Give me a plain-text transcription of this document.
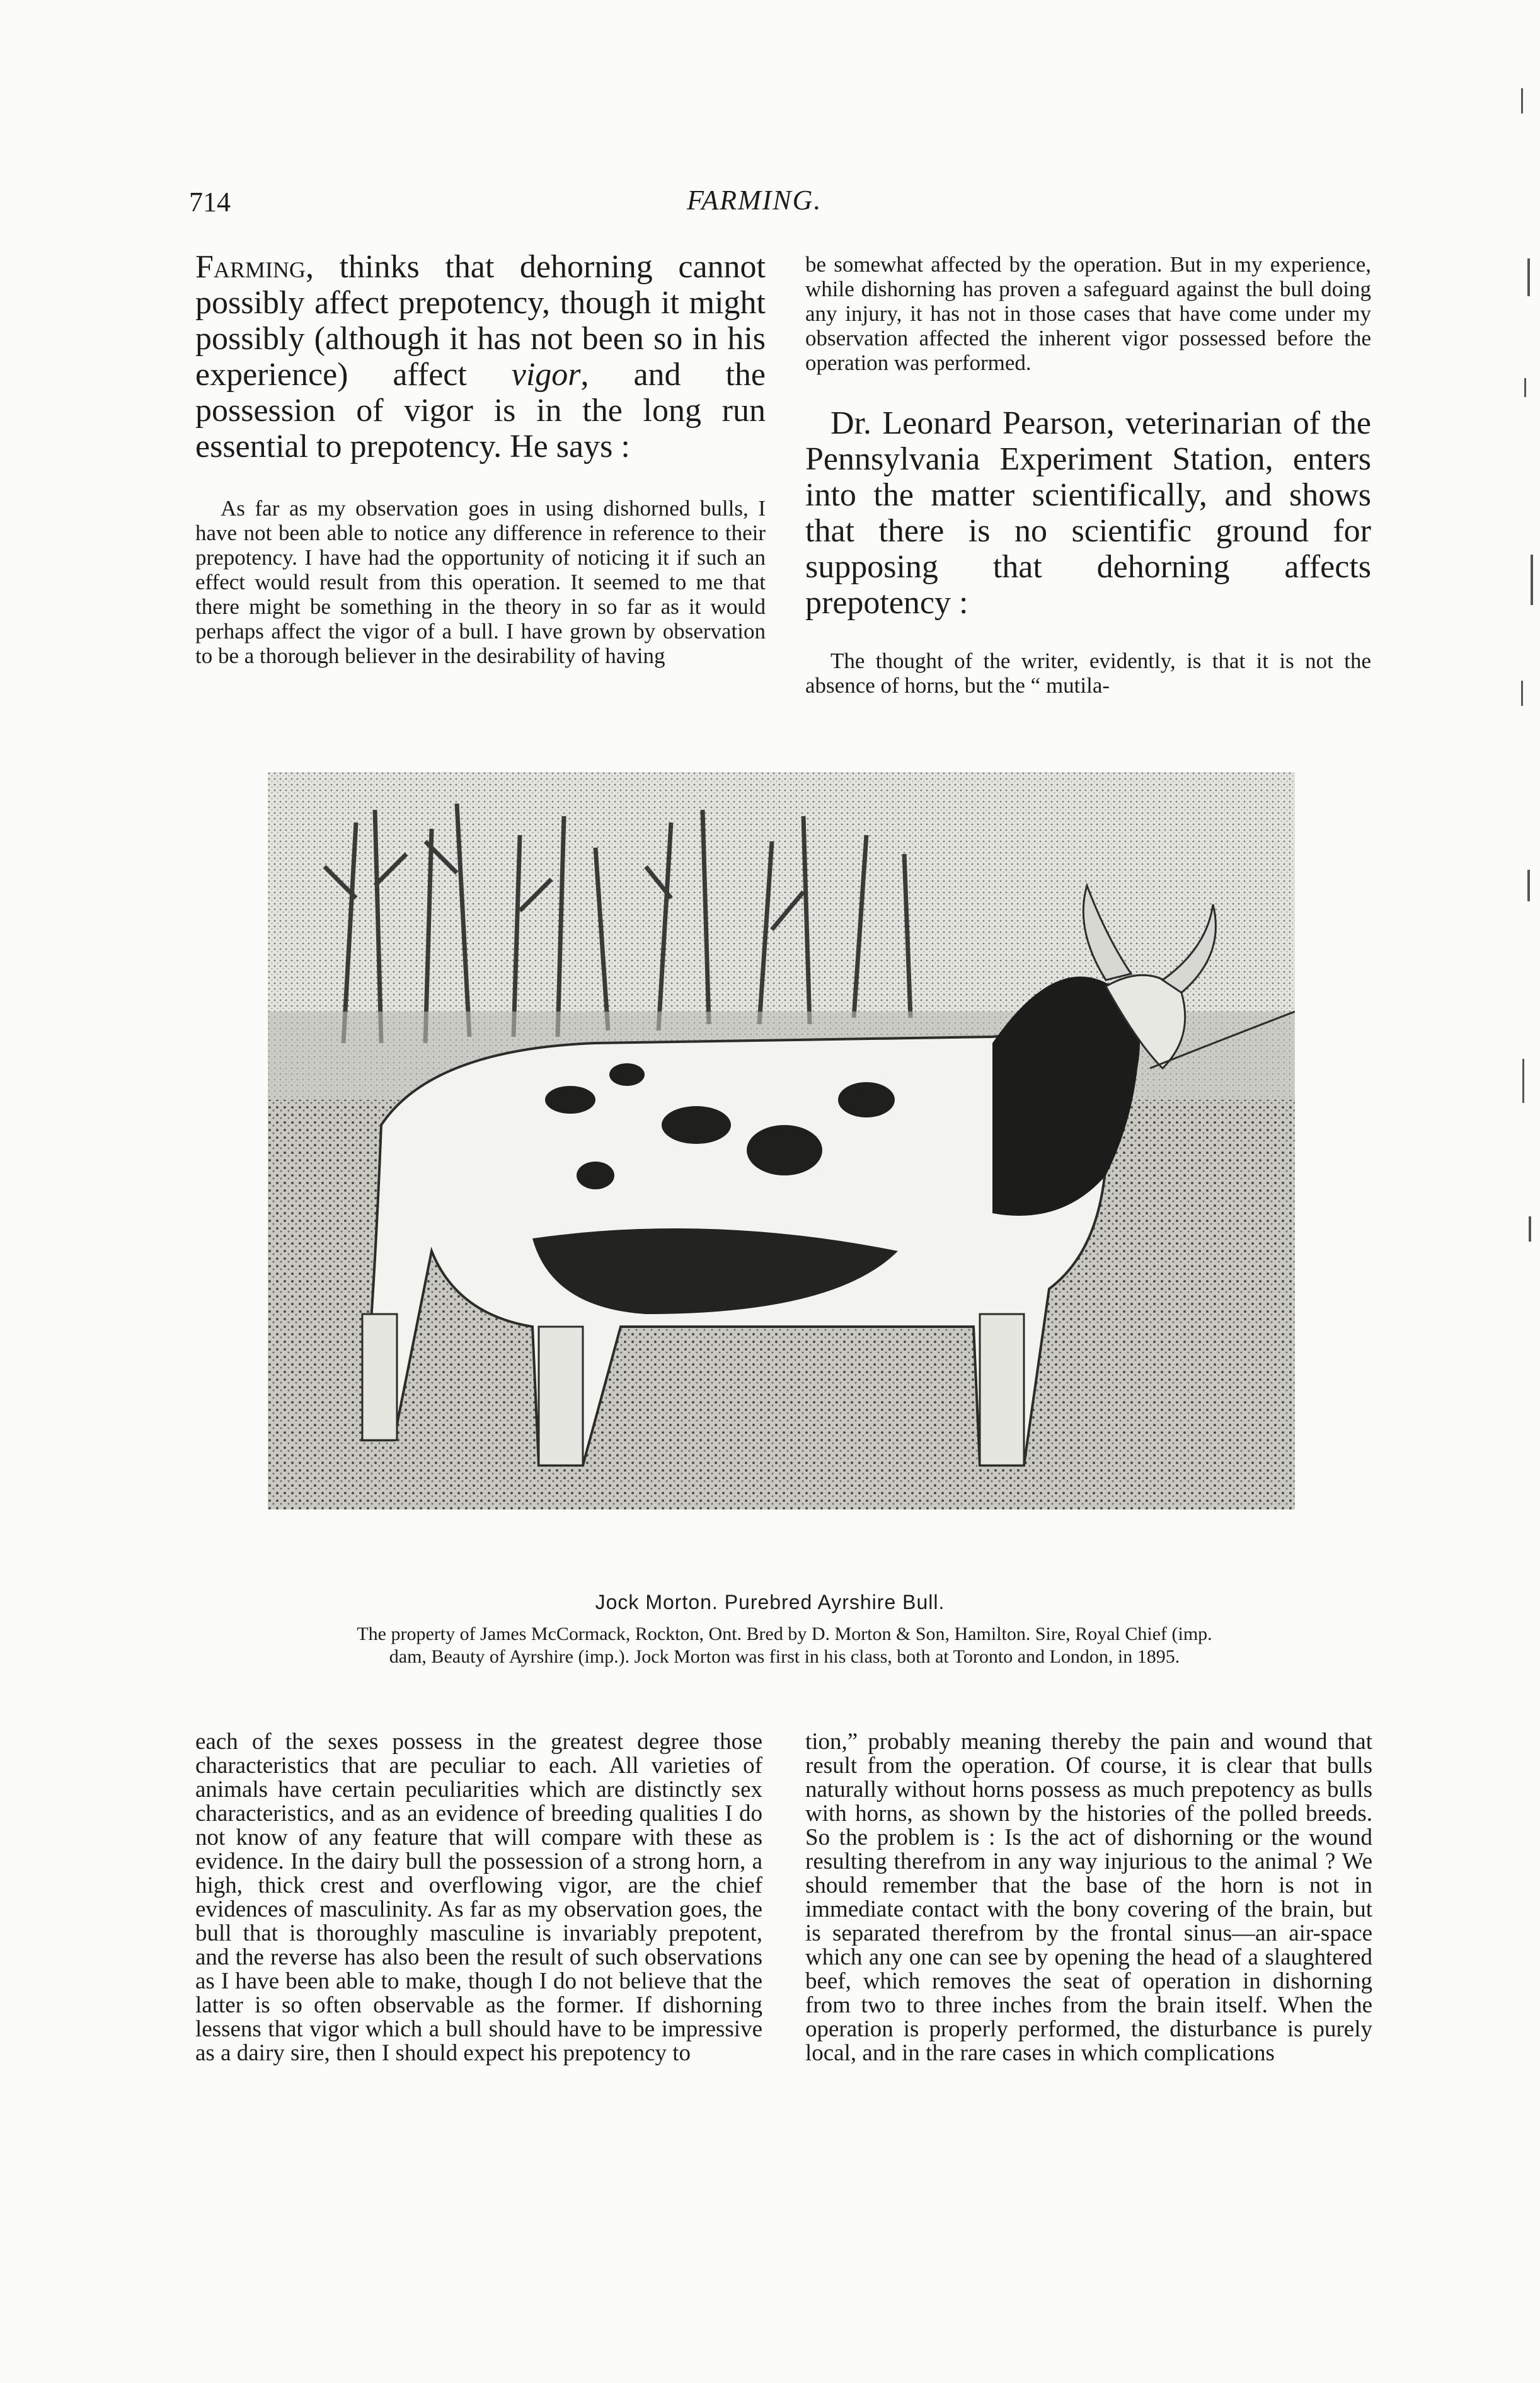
714	FARMING.

Farming, thinks that dehorning cannot possibly affect prepotency, though it might possibly (although it has not been so in his experience) affect vigor, and the possession of vigor is in the long run essential to prepotency. He says :

As far as my observation goes in using dishorned bulls, I have not been able to notice any difference in reference to their prepotency. I have had the opportunity of noticing it if such an effect would result from this operation. It seemed to me that there might be something in the theory in so far as it would perhaps affect the vigor of a bull. I have grown by observation to be a thorough believer in the desirability of having

be somewhat affected by the operation. But in my experience, while dishorning has proven a safeguard against the bull doing any injury, it has not in those cases that have come under my observation affected the inherent vigor possessed before the operation was performed.

Dr. Leonard Pearson, veterinarian of the Pennsylvania Experiment Station, enters into the matter scientifically, and shows that there is no scientific ground for supposing that dehorning affects prepotency :

The thought of the writer, evidently, is that it is not the absence of horns, but the “ mutila-

Jock Morton. Purebred Ayrshire Bull.
The property of James McCormack, Rockton, Ont. Bred by D. Morton & Son, Hamilton. Sire, Royal Chief (imp.
dam, Beauty of Ayrshire (imp.). Jock Morton was first in his class, both at Toronto and London, in 1895.

each of the sexes possess in the greatest degree those characteristics that are peculiar to each. All varieties of animals have certain peculiarities which are distinctly sex characteristics, and as an evidence of breeding qualities I do not know of any feature that will compare with these as evidence. In the dairy bull the possession of a strong horn, a high, thick crest and overflowing vigor, are the chief evidences of masculinity. As far as my observation goes, the bull that is thoroughly masculine is invariably prepotent, and the reverse has also been the result of such observations as I have been able to make, though I do not believe that the latter is so often observable as the former. If dishorning lessens that vigor which a bull should have to be impressive as a dairy sire, then I should expect his prepotency to

tion,” probably meaning thereby the pain and wound that result from the operation. Of course, it is clear that bulls naturally without horns possess as much prepotency as bulls with horns, as shown by the histories of the polled breeds. So the problem is : Is the act of dishorning or the wound resulting therefrom in any way injurious to the animal ? We should remember that the base of the horn is not in immediate contact with the bony covering of the brain, but is separated therefrom by the frontal sinus—an air-space which any one can see by opening the head of a slaughtered beef, which removes the seat of operation in dishorning from two to three inches from the brain itself. When the operation is properly performed, the disturbance is purely local, and in the rare cases in which complications
